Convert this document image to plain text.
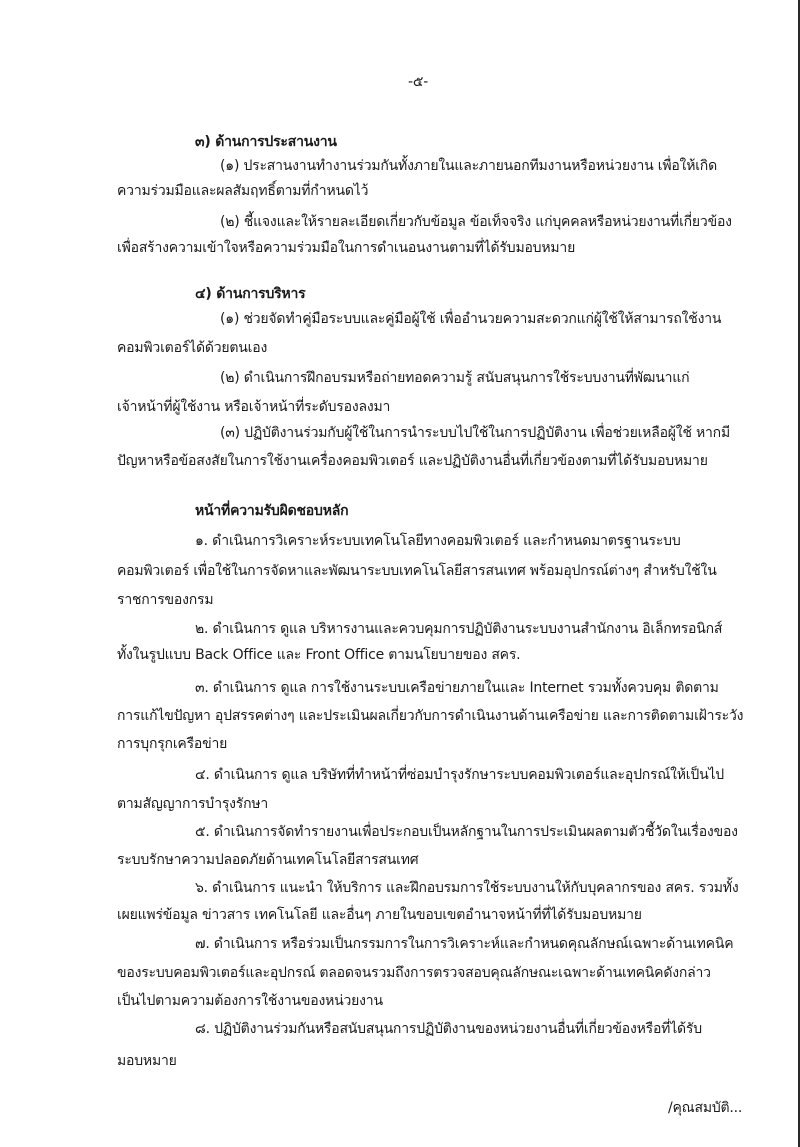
-๕-
๓) ด้านการประสานงาน
(๑) ประสานงานทำงานร่วมกันทั้งภายในและภายนอกทีมงานหรือหน่วยงาน เพื่อให้เกิด
ความร่วมมือและผลสัมฤทธิ์ตามที่กำหนดไว้
(๒) ชี้แจงและให้รายละเอียดเกี่ยวกับข้อมูล ข้อเท็จจริง แก่บุคคลหรือหน่วยงานที่เกี่ยวข้อง
เพื่อสร้างความเข้าใจหรือความร่วมมือในการดำเนอนงานตามที่ได้รับมอบหมาย
๔) ด้านการบริหาร
(๑) ช่วยจัดทำคู่มือระบบและคู่มือผู้ใช้ เพื่ออำนวยความสะดวกแก่ผู้ใช้ให้สามารถใช้งาน
คอมพิวเตอร์ได้ด้วยตนเอง
(๒) ดำเนินการฝึกอบรมหรือถ่ายทอดความรู้ สนับสนุนการใช้ระบบงานที่พัฒนาแก่
เจ้าหน้าที่ผู้ใช้งาน หรือเจ้าหน้าที่ระดับรองลงมา
(๓) ปฏิบัติงานร่วมกับผู้ใช้ในการนำระบบไปใช้ในการปฏิบัติงาน เพื่อช่วยเหลือผู้ใช้ หากมี
ปัญหาหรือข้อสงสัยในการใช้งานเครื่องคอมพิวเตอร์ และปฏิบัติงานอื่นที่เกี่ยวข้องตามที่ได้รับมอบหมาย
หน้าที่ความรับผิดชอบหลัก
๑. ดำเนินการวิเคราะห์ระบบเทคโนโลยีทางคอมพิวเตอร์ และกำหนดมาตรฐานระบบ
คอมพิวเตอร์ เพื่อใช้ในการจัดหาและพัฒนาระบบเทคโนโลยีสารสนเทศ พร้อมอุปกรณ์ต่างๆ สำหรับใช้ใน
ราชการของกรม
๒. ดำเนินการ ดูแล บริหารงานและควบคุมการปฏิบัติงานระบบงานสำนักงาน อิเล็กทรอนิกส์
ทั้งในรูปแบบ Back Office และ Front Office ตามนโยบายของ สคร.
๓. ดำเนินการ ดูแล การใช้งานระบบเครือข่ายภายในและ Internet รวมทั้งควบคุม ติดตาม
การแก้ไขปัญหา อุปสรรคต่างๆ และประเมินผลเกี่ยวกับการดำเนินงานด้านเครือข่าย และการติดตามเฝ้าระวัง
การบุกรุกเครือข่าย
๔. ดำเนินการ ดูแล บริษัทที่ทำหน้าที่ซ่อมบำรุงรักษาระบบคอมพิวเตอร์และอุปกรณ์ให้เป็นไป
ตามสัญญาการบำรุงรักษา
๕. ดำเนินการจัดทำรายงานเพื่อประกอบเป็นหลักฐานในการประเมินผลตามตัวชี้วัดในเรื่องของ
ระบบรักษาความปลอดภัยด้านเทคโนโลยีสารสนเทศ
๖. ดำเนินการ แนะนำ ให้บริการ และฝึกอบรมการใช้ระบบงานให้กับบุคลากรของ สคร. รวมทั้ง
เผยแพร่ข้อมูล ข่าวสาร เทคโนโลยี และอื่นๆ ภายในขอบเขตอำนาจหน้าที่ที่ได้รับมอบหมาย
๗. ดำเนินการ หรือร่วมเป็นกรรมการในการวิเคราะห์และกำหนดคุณลักษณ์เฉพาะด้านเทคนิค
ของระบบคอมพิวเตอร์และอุปกรณ์ ตลอดจนรวมถึงการตรวจสอบคุณลักษณะเฉพาะด้านเทคนิคดังกล่าว
เป็นไปตามความต้องการใช้งานของหน่วยงาน
๘. ปฏิบัติงานร่วมกันหรือสนับสนุนการปฏิบัติงานของหน่วยงานอื่นที่เกี่ยวข้องหรือที่ได้รับ
มอบหมาย
/คุณสมบัติ...
